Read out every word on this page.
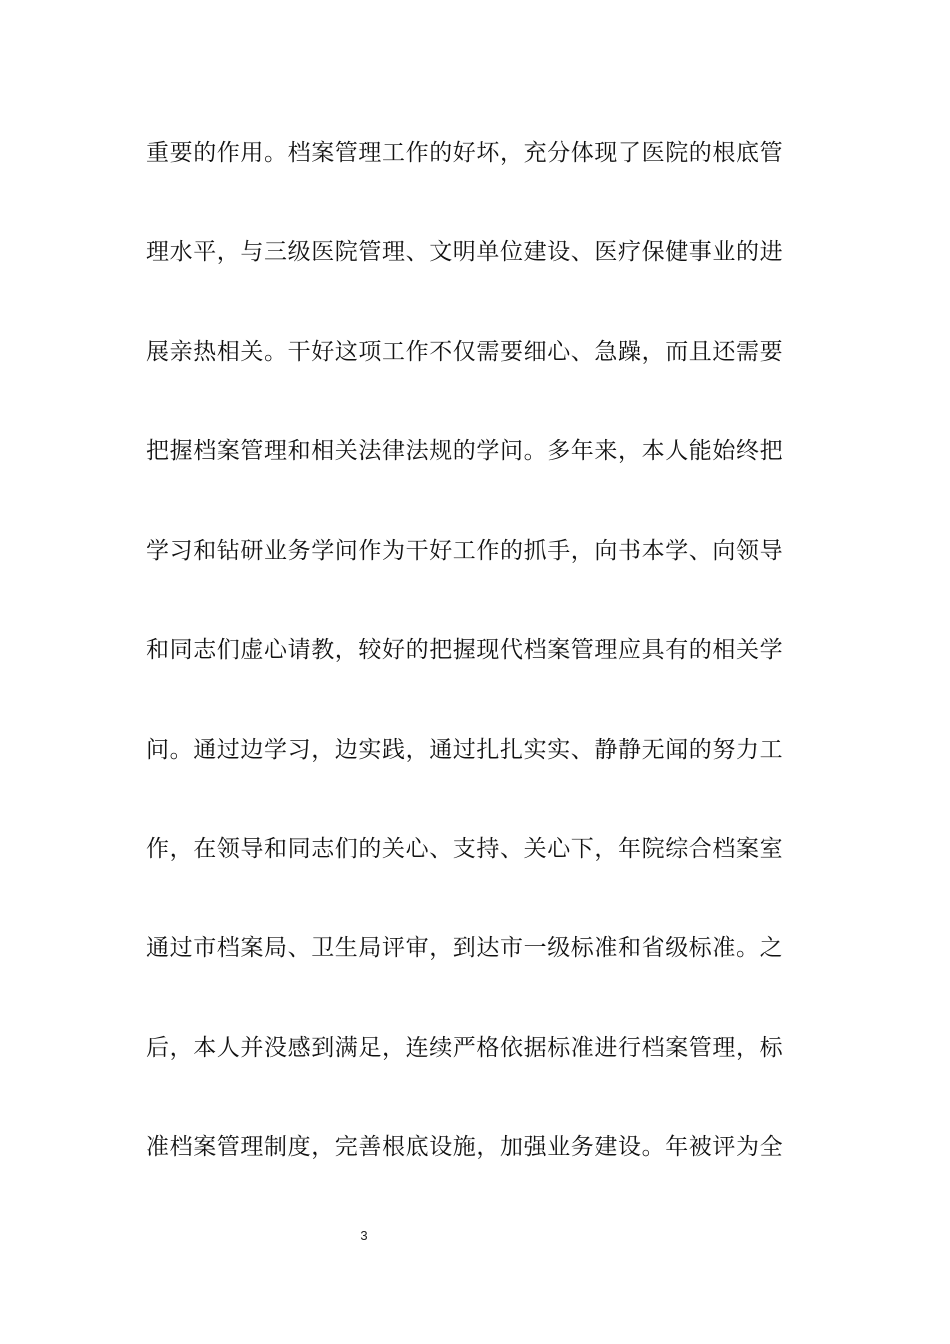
重要的作用。档案管理工作的好坏，充分体现了医院的根底管
理水平，与三级医院管理、文明单位建设、医疗保健事业的进
展亲热相关。干好这项工作不仅需要细心、急躁，而且还需要
把握档案管理和相关法律法规的学问。多年来，本人能始终把
学习和钻研业务学问作为干好工作的抓手，向书本学、向领导
和同志们虚心请教，较好的把握现代档案管理应具有的相关学
问。通过边学习，边实践，通过扎扎实实、静静无闻的努力工
作，在领导和同志们的关心、支持、关心下，年院综合档案室
通过市档案局、卫生局评审，到达市一级标准和省级标准。之
后，本人并没感到满足，连续严格依据标准进行档案管理，标
准档案管理制度，完善根底设施，加强业务建设。年被评为全
3
